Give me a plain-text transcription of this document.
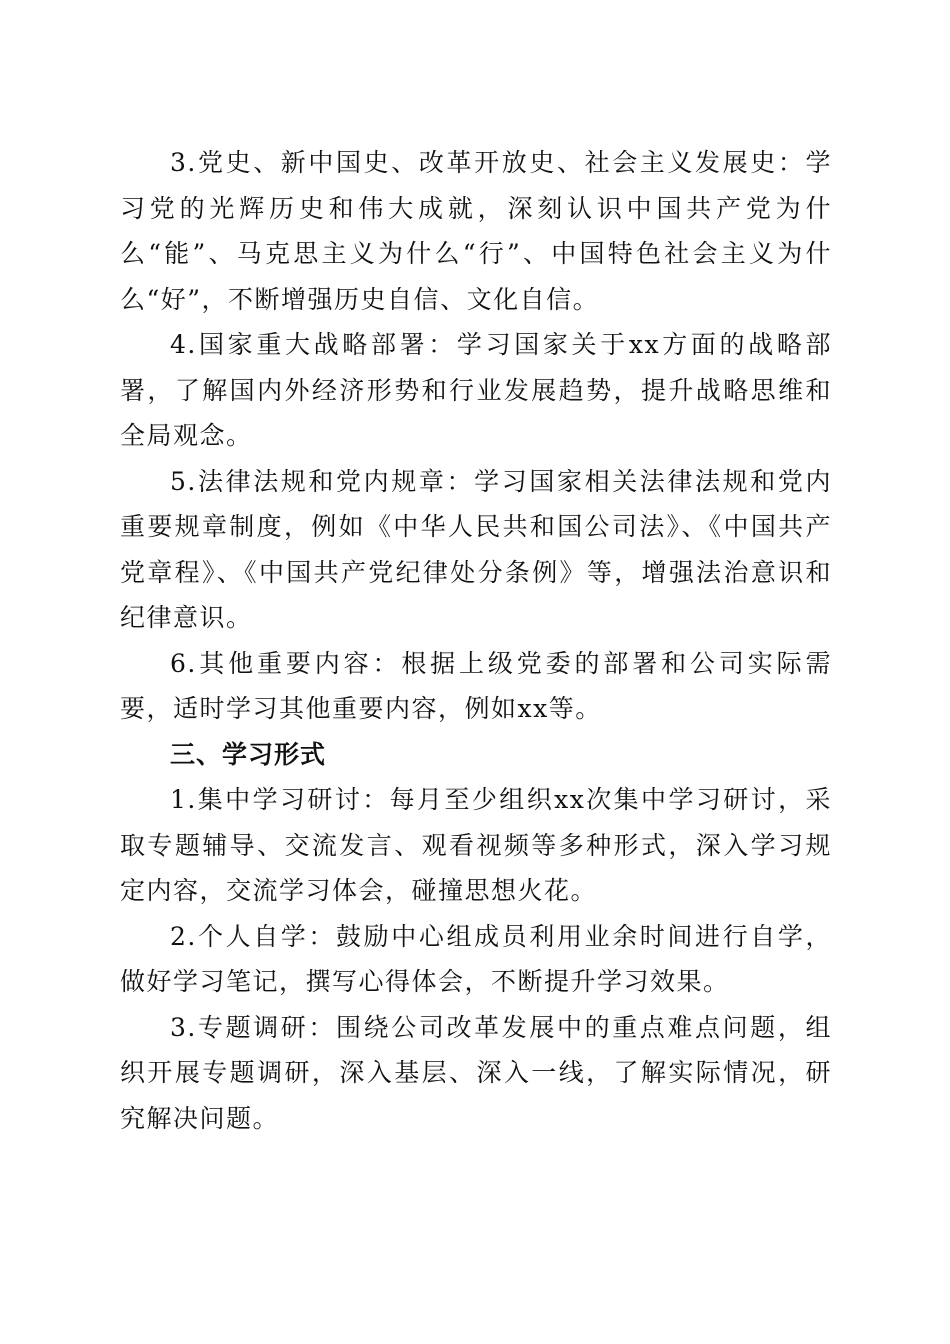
3.党史、新中国史、改革开放史、社会主义发展史：学习党的光辉历史和伟大成就，深刻认识中国共产党为什么“能”、马克思主义为什么“行”、中国特色社会主义为什么“好”，不断增强历史自信、文化自信。

4.国家重大战略部署：学习国家关于xx方面的战略部署，了解国内外经济形势和行业发展趋势，提升战略思维和全局观念。

5.法律法规和党内规章：学习国家相关法律法规和党内重要规章制度，例如《中华人民共和国公司法》、《中国共产党章程》、《中国共产党纪律处分条例》等，增强法治意识和纪律意识。

6.其他重要内容：根据上级党委的部署和公司实际需要，适时学习其他重要内容，例如xx等。

三、学习形式

1.集中学习研讨：每月至少组织xx次集中学习研讨，采取专题辅导、交流发言、观看视频等多种形式，深入学习规定内容，交流学习体会，碰撞思想火花。

2.个人自学：鼓励中心组成员利用业余时间进行自学，做好学习笔记，撰写心得体会，不断提升学习效果。

3.专题调研：围绕公司改革发展中的重点难点问题，组织开展专题调研，深入基层、深入一线，了解实际情况，研究解决问题。
